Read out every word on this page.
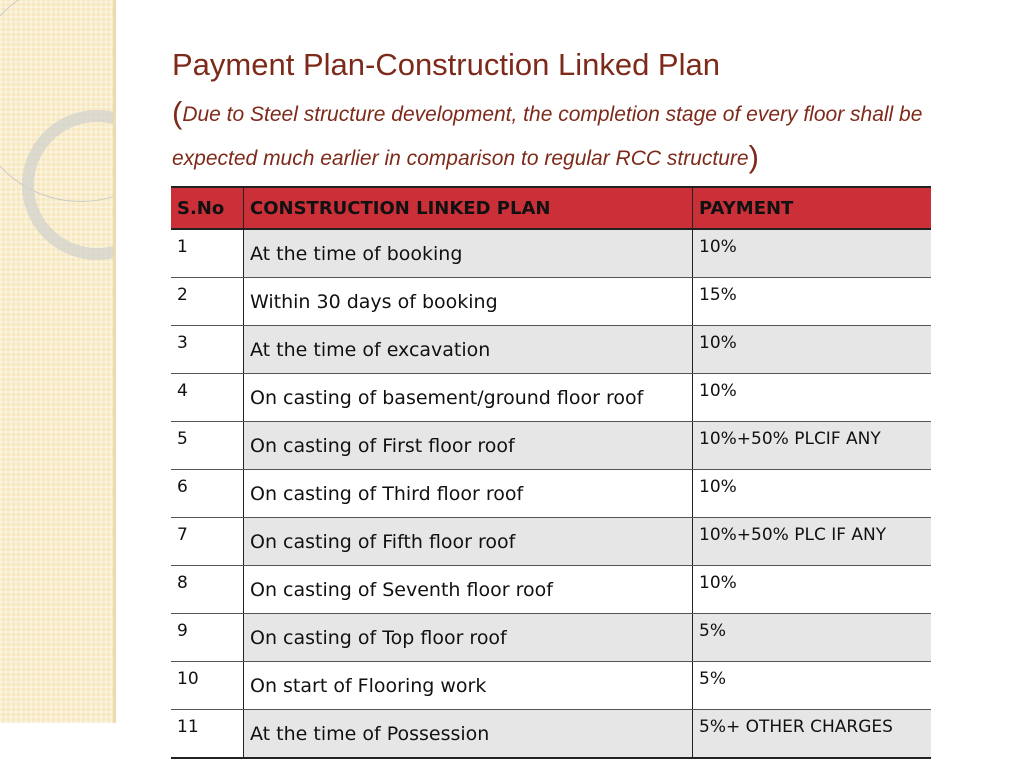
Payment Plan-Construction Linked Plan

(Due to Steel structure development, the completion stage of every floor shall be expected much earlier in comparison to regular RCC structure)

S.No	CONSTRUCTION LINKED PLAN	PAYMENT
1	At the time of booking	10%
2	Within 30 days of booking	15%
3	At the time of excavation	10%
4	On casting of basement/ground floor roof	10%
5	On casting of First floor roof	10%+50% PLCIF ANY
6	On casting of Third floor roof	10%
7	On casting of Fifth floor roof	10%+50% PLC IF ANY
8	On casting of Seventh floor roof	10%
9	On casting of Top floor roof	5%
10	On start of Flooring work	5%
11	At the time of Possession	5%+ OTHER CHARGES
